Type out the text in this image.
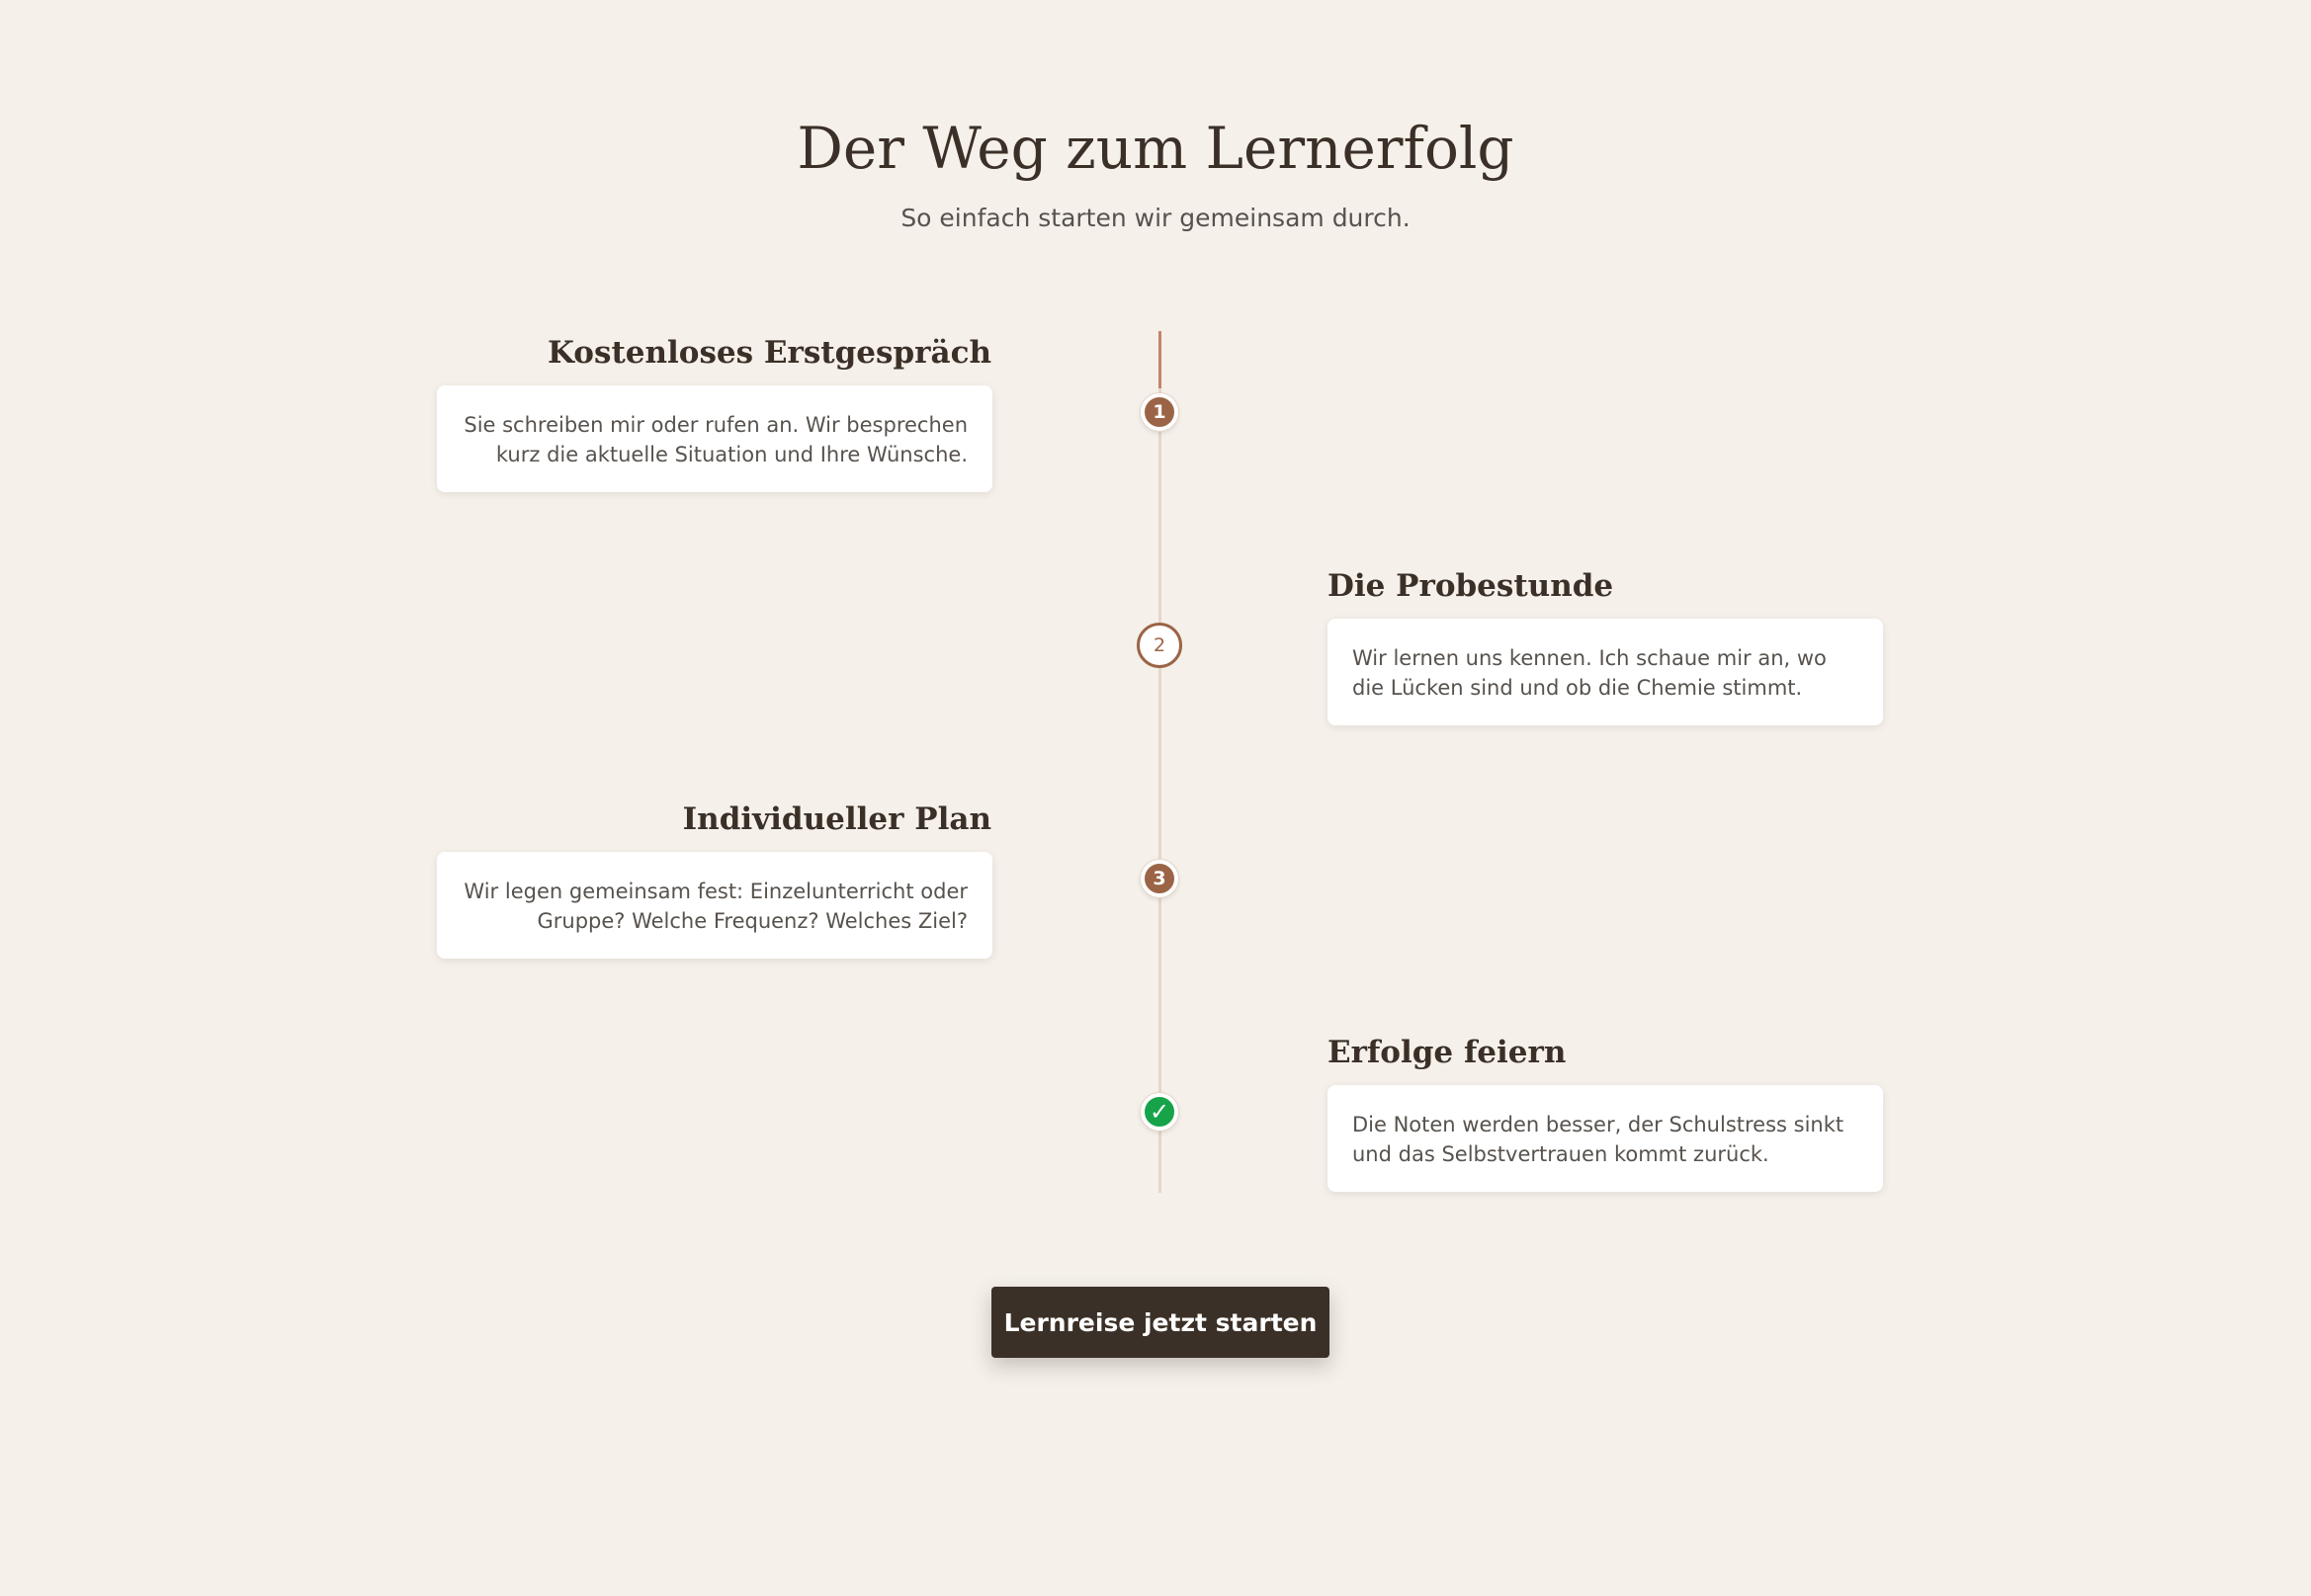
Der Weg zum Lernerfolg

So einfach starten wir gemeinsam durch.

Kostenloses Erstgespräch
Sie schreiben mir oder rufen an. Wir besprechen kurz die aktuelle Situation und Ihre Wünsche.
1
Die Probestunde
Wir lernen uns kennen. Ich schaue mir an, wo die Lücken sind und ob die Chemie stimmt.
2
Individueller Plan
Wir legen gemeinsam fest: Einzelunterricht oder Gruppe? Welche Frequenz? Welches Ziel?
3
Erfolge feiern
Die Noten werden besser, der Schulstress sinkt und das Selbstvertrauen kommt zurück.
✓
Lernreise jetzt starten
